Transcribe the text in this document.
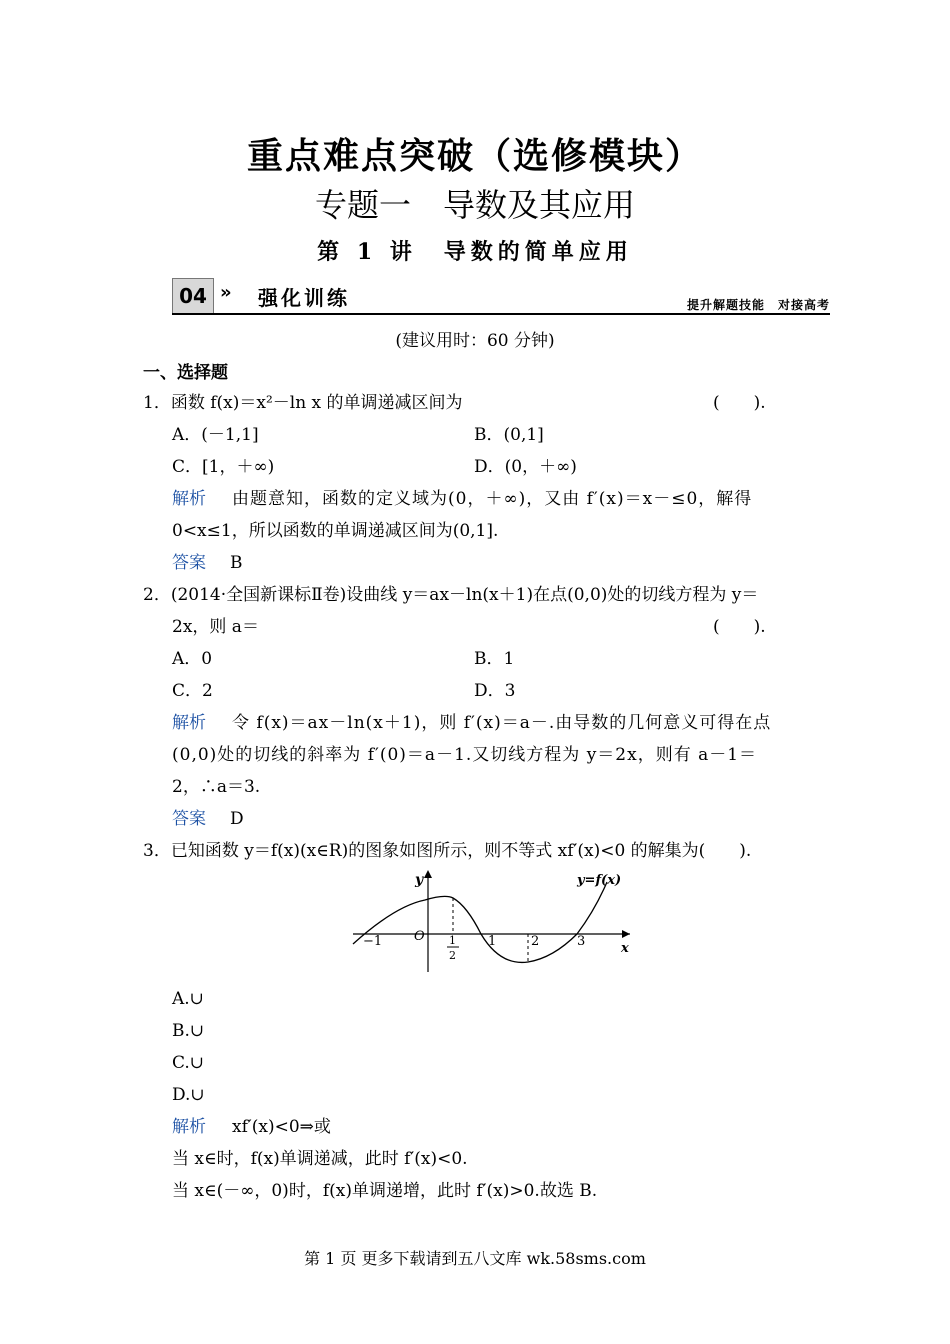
重点难点突破（选修模块）
专题一　导数及其应用
第 1 讲　导数的简单应用
04 » 强化训练	提升解题技能　对接高考
(建议用时：60 分钟)
一、选择题
1．函数 f(x)＝x²－ln x 的单调递减区间为	(　　).
A．(－1,1]	B．(0,1]
C．[1，＋∞)	D．(0，＋∞)
解析 由题意知，函数的定义域为(0，＋∞)，又由 f′(x)＝x－≤0，解得
0<x≤1，所以函数的单调递减区间为(0,1].
答案 B
2．(2014·全国新课标Ⅱ卷)设曲线 y＝ax－ln(x＋1)在点(0,0)处的切线方程为 y＝
2x，则 a＝	(　　).
A．0	B．1
C．2	D．3
解析 令 f(x)＝ax－ln(x＋1)，则 f′(x)＝a－.由导数的几何意义可得在点
(0,0)处的切线的斜率为 f′(0)＝a－1.又切线方程为 y＝2x，则有 a－1＝
2，∴a＝3.
答案 D
3．已知函数 y＝f(x)(x∈R)的图象如图所示，则不等式 xf′(x)<0 的解集为(　　).
y
x
y=f(x)
O
−1	1	2	3
1
2
A.∪
B.∪
C.∪
D.∪
解析 xf′(x)<0⇒或
当 x∈时，f(x)单调递减，此时 f′(x)<0.
当 x∈(－∞，0)时，f(x)单调递增，此时 f′(x)>0.故选 B.
第 1 页 更多下载请到五八文库 wk.58sms.com
